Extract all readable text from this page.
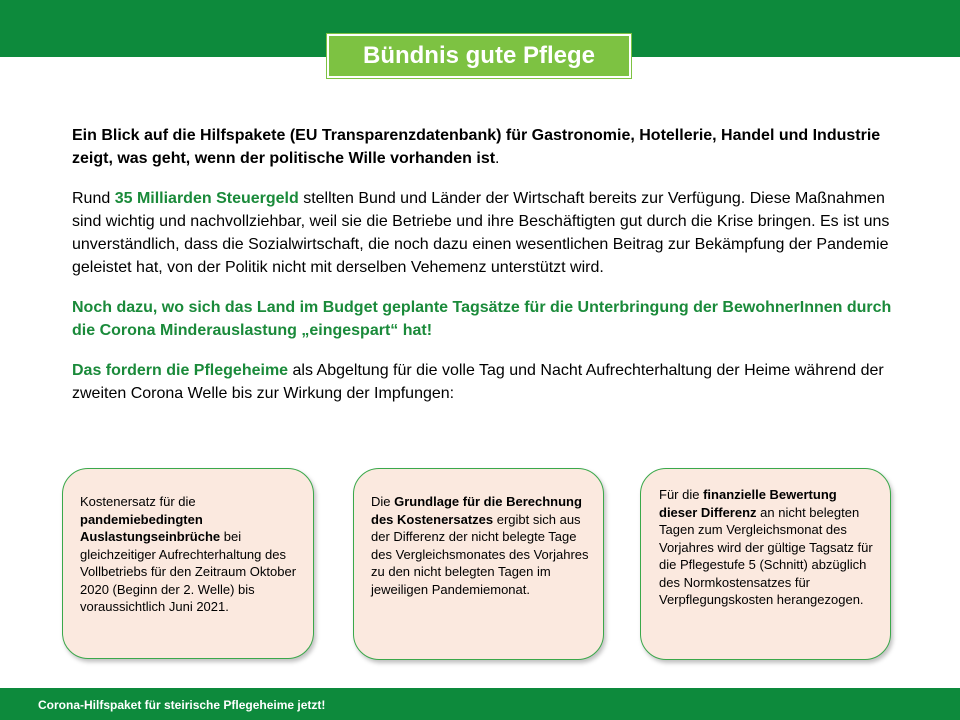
Bündnis gute Pflege

Ein Blick auf die Hilfspakete (EU Transparenzdatenbank) für Gastronomie, Hotellerie, Handel und Industrie zeigt, was geht, wenn der politische Wille vorhanden ist.

Rund 35 Milliarden Steuergeld stellten Bund und Länder der Wirtschaft bereits zur Verfügung. Diese Maßnahmen sind wichtig und nachvollziehbar, weil sie die Betriebe und ihre Beschäftigten gut durch die Krise bringen. Es ist uns unverständlich, dass die Sozialwirtschaft, die noch dazu einen wesentlichen Beitrag zur Bekämpfung der Pandemie geleistet hat, von der Politik nicht mit derselben Vehemenz unterstützt wird.

Noch dazu, wo sich das Land im Budget geplante Tagsätze für die Unterbringung der BewohnerInnen durch die Corona Minderauslastung „eingespart“ hat!

Das fordern die Pflegeheime als Abgeltung für die volle Tag und Nacht Aufrechterhaltung der Heime während der zweiten Corona Welle bis zur Wirkung der Impfungen:

Kostenersatz für die pandemiebedingten Auslastungseinbrüche bei gleichzeitiger Aufrechterhaltung des Vollbetriebs für den Zeitraum Oktober 2020 (Beginn der 2. Welle) bis voraussichtlich Juni 2021.
Die Grundlage für die Berechnung des Kostenersatzes ergibt sich aus der Differenz der nicht belegte Tage des Vergleichsmonates des Vorjahres zu den nicht belegten Tagen im jeweiligen Pandemiemonat.
Für die finanzielle Bewertung dieser Differenz an nicht belegten Tagen zum Vergleichsmonat des Vorjahres wird der gültige Tagsatz für die Pflegestufe 5 (Schnitt) abzüglich des Normkostensatzes für Verpflegungskosten herangezogen.
Corona-Hilfspaket für steirische Pflegeheime jetzt!
